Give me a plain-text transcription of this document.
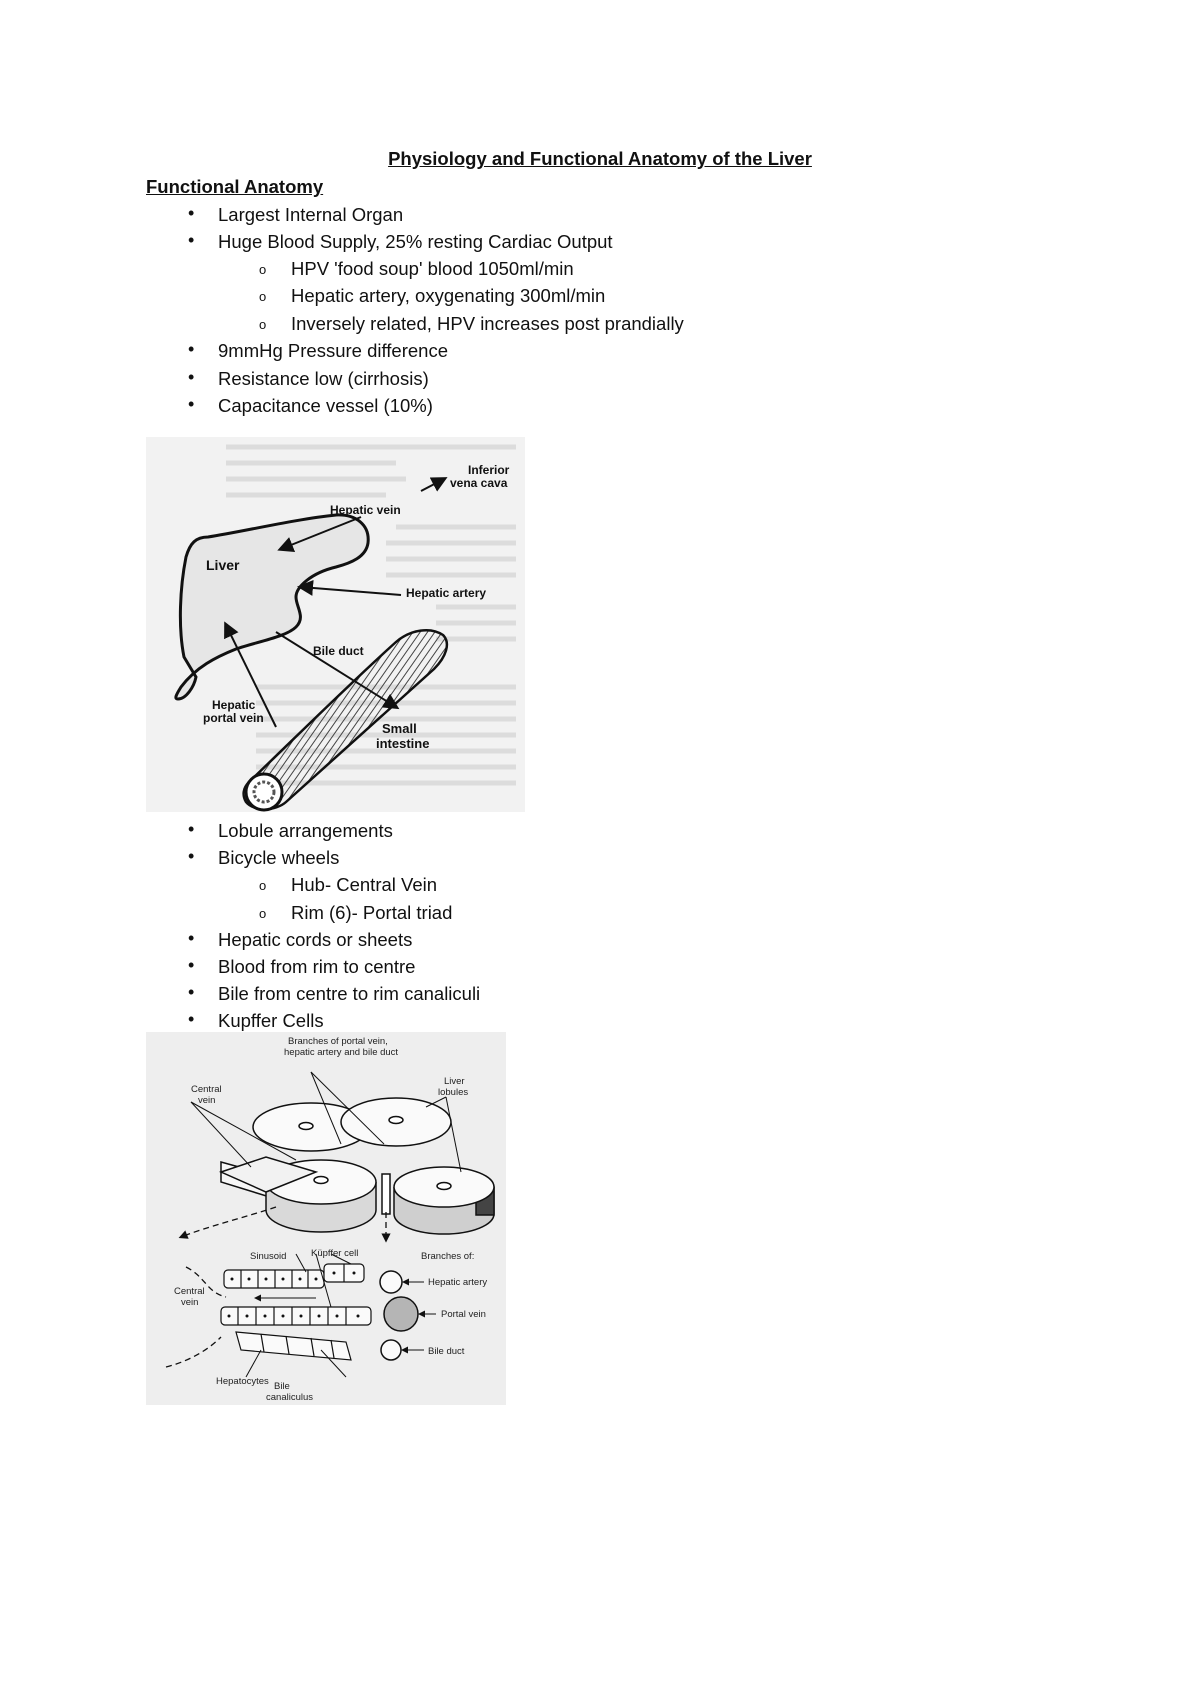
Physiology and Functional Anatomy of the Liver
Functional Anatomy
• Largest Internal Organ
• Huge Blood Supply, 25% resting Cardiac Output
o HPV 'food soup' blood 1050ml/min
o Hepatic artery, oxygenating 300ml/min
o Inversely related, HPV increases post prandially
• 9mmHg Pressure difference
• Resistance low (cirrhosis)
• Capacitance vessel (10%)
Inferior
vena cava
Hepatic vein
Liver
Hepatic artery
Bile duct
Hepatic
portal vein
Small
intestine
• Lobule arrangements
• Bicycle wheels
o Hub- Central Vein
o Rim (6)- Portal triad
• Hepatic cords or sheets
• Blood from rim to centre
• Bile from centre to rim canaliculi
• Kupffer Cells
Branches of portal vein,
hepatic artery and bile duct
Central
vein
Liver
lobules
Sinusoid	Küpffer cell	Branches of:
Hepatic artery
Portal vein
Bile duct
Central
vein
Hepatocytes Bile
canaliculus
